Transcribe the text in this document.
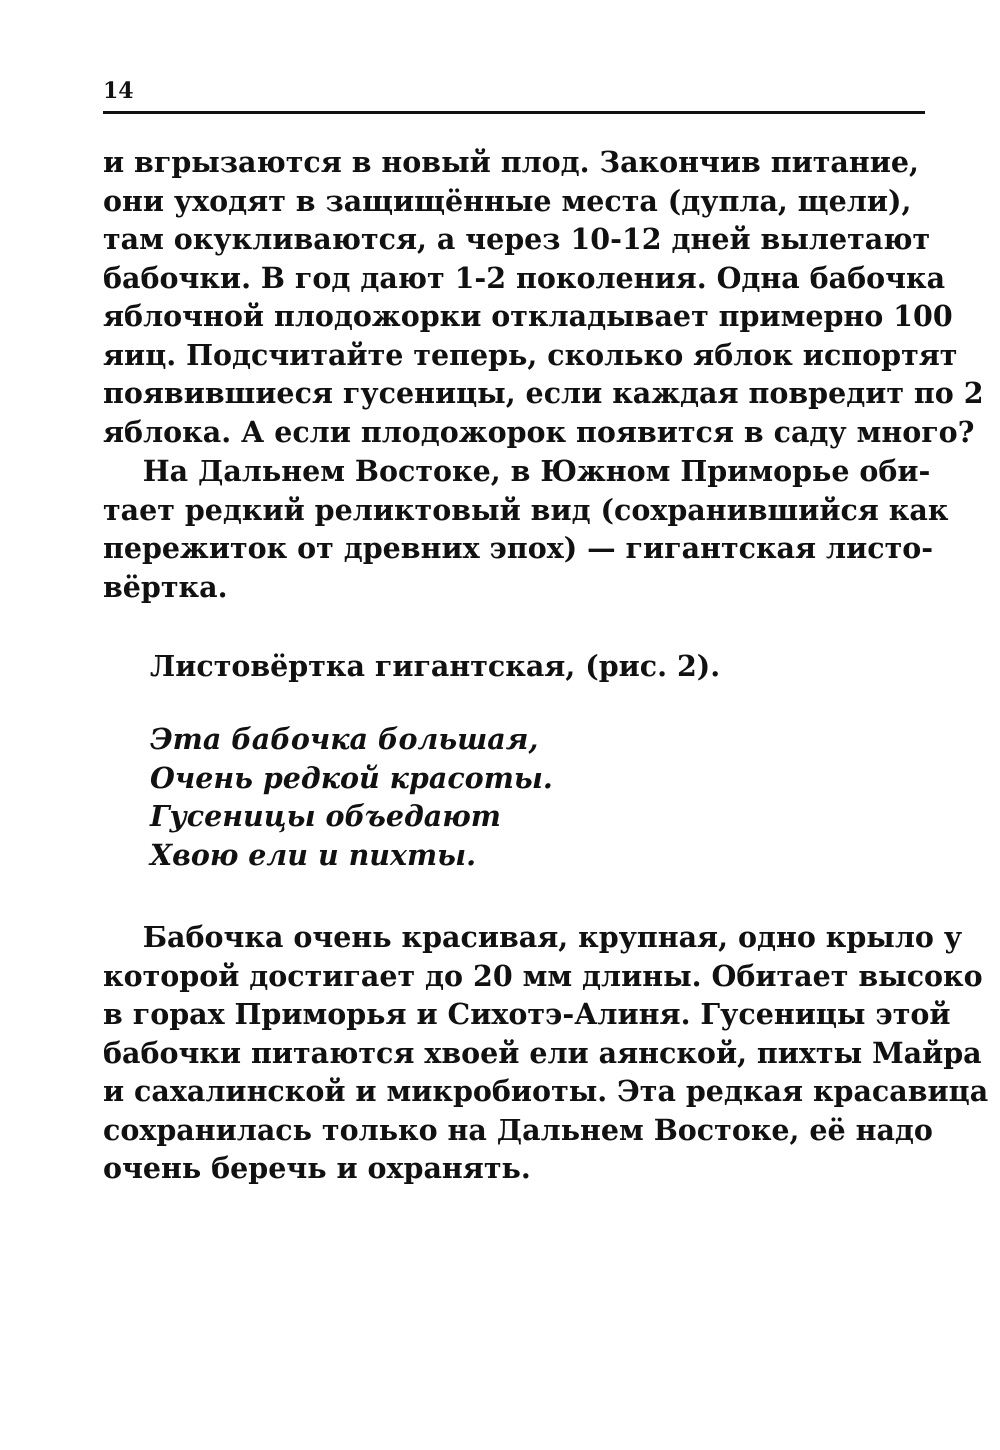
14
и вгрызаются в новый плод. Закончив питание,
они уходят в защищённые места (дупла, щели),
там окукливаются, а через 10-12 дней вылетают
бабочки. В год дают 1-2 поколения. Одна бабочка
яблочной плодожорки откладывает примерно 100
яиц. Подсчитайте теперь, сколько яблок испортят
появившиеся гусеницы, если каждая повредит по 2
яблока. А если плодожорок появится в саду много?
На Дальнем Востоке, в Южном Приморье оби-
тает редкий реликтовый вид (сохранившийся как
пережиток от древних эпох) — гигантская листо-
вёртка.
Листовёртка гигантская, (рис. 2).
Эта бабочка большая,
Очень редкой красоты.
Гусеницы объедают
Хвою ели и пихты.
Бабочка очень красивая, крупная, одно крыло у
которой достигает до 20 мм длины. Обитает высоко
в горах Приморья и Сихотэ-Алиня. Гусеницы этой
бабочки питаются хвоей ели аянской, пихты Майра
и сахалинской и микробиоты. Эта редкая красавица
сохранилась только на Дальнем Востоке, её надо
очень беречь и охранять.
